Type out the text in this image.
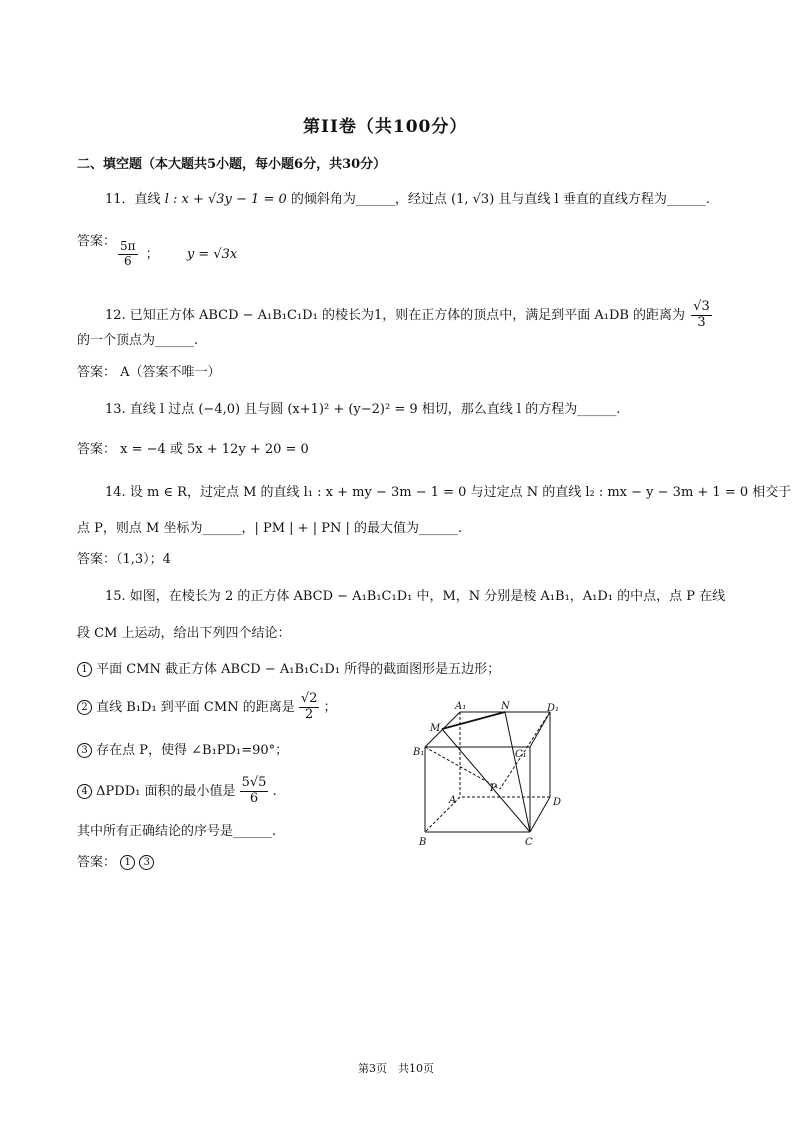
第II卷（共100分）
二、填空题（本大题共5小题，每小题6分，共30分）
11．直线 l : x + √3y − 1 = 0 的倾斜角为______，经过点 (1, √3) 且与直线 l 垂直的直线方程为______.
答案： $\frac{5\pi}{6}$ ； y = √3x
12. 已知正方体 ABCD − A₁B₁C₁D₁ 的棱长为1，则在正方体的顶点中，满足到平面 A₁DB 的距离为 $\frac{√3}{3}$
的一个顶点为______.
答案： A（答案不唯一）
13. 直线 l 过点 (−4,0) 且与圆 (x+1)² + (y−2)² = 9 相切，那么直线 l 的方程为______.
答案： x = −4 或 5x + 12y + 20 = 0
14. 设 m ∈ R，过定点 M 的直线 l₁ : x + my − 3m − 1 = 0 与过定点 N 的直线 l₂ : mx − y − 3m + 1 = 0 相交于
点 P，则点 M 坐标为______，| PM | + | PN | 的最大值为______.
答案：（1,3）；4
15. 如图，在棱长为 2 的正方体 ABCD − A₁B₁C₁D₁ 中，M，N 分别是棱 A₁B₁，A₁D₁ 的中点，点 P 在线
段 CM 上运动，给出下列四个结论：
1 平面 CMN 截正方体 ABCD − A₁B₁C₁D₁ 所得的截面图形是五边形；
2 直线 B₁D₁ 到平面 CMN 的距离是 $\frac{√2}{2}$ ；
3 存在点 P，使得 ∠B₁PD₁=90°；
4 ΔPDD₁ 面积的最小值是 $\frac{5√5}{6}$ .
其中所有正确结论的序号是______.
答案： 1 3
A₁	N	D₁
M
B₁	C₁
A
P
D
B	C
第3页　共10页
